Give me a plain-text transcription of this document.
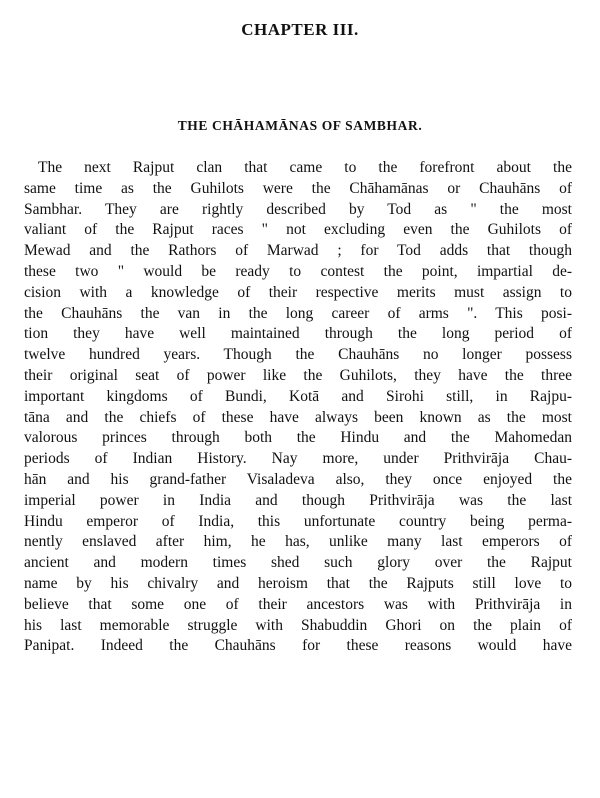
CHAPTER III.
THE CHĀHAMĀNAS OF SAMBHAR.
The next Rajput clan that came to the forefront about the
same time as the Guhilots were the Chāhamānas or Chauhāns of
Sambhar. They are rightly described by Tod as " the most
valiant of the Rajput races " not excluding even the Guhilots of
Mewad and the Rathors of Marwad ; for Tod adds that though
these two " would be ready to contest the point, impartial de-
cision with a knowledge of their respective merits must assign to
the Chauhāns the van in the long career of arms ". This posi-
tion they have well maintained through the long period of
twelve hundred years. Though the Chauhāns no longer possess
their original seat of power like the Guhilots, they have the three
important kingdoms of Bundi, Kotā and Sirohi still, in Rajpu-
tāna and the chiefs of these have always been known as the most
valorous princes through both the Hindu and the Mahomedan
periods of Indian History. Nay more, under Prithvirāja Chau-
hān and his grand-father Visaladeva also, they once enjoyed the
imperial power in India and though Prithvirāja was the last
Hindu emperor of India, this unfortunate country being perma-
nently enslaved after him, he has, unlike many last emperors of
ancient and modern times shed such glory over the Rajput
name by his chivalry and heroism that the Rajputs still love to
believe that some one of their ancestors was with Prithvirāja in
his last memorable struggle with Shabuddin Ghori on the plain of
Panipat. Indeed the Chauhāns for these reasons would have
